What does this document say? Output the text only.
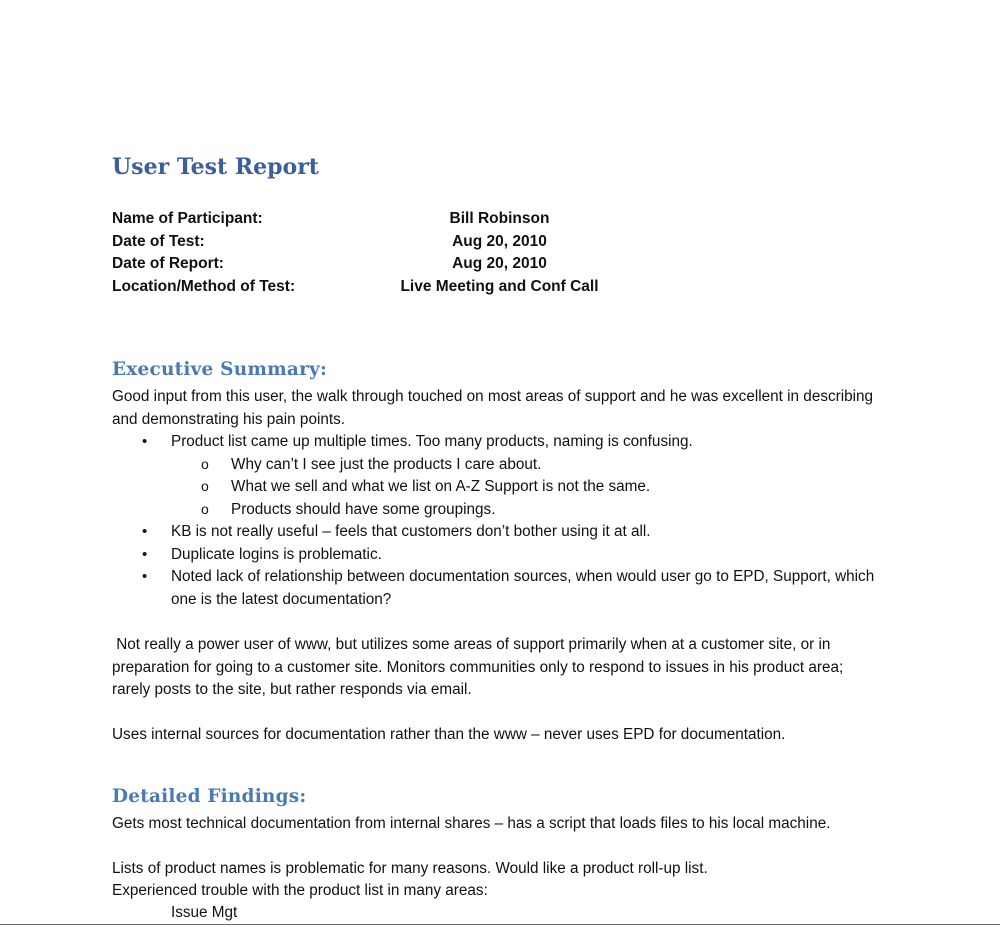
User Test Report
Name of Participant:	Bill Robinson
Date of Test:	Aug 20, 2010
Date of Report:	Aug 20, 2010
Location/Method of Test:	Live Meeting and Conf Call
Executive Summary:

Good input from this user, the walk through touched on most areas of support and he was excellent in describing and demonstrating his pain points.

• Product list came up multiple times. Too many products, naming is confusing.
o Why can’t I see just the products I care about.
o What we sell and what we list on A-Z Support is not the same.
o Products should have some groupings.
• KB is not really useful – feels that customers don’t bother using it at all.
• Duplicate logins is problematic.
• Noted lack of relationship between documentation sources, when would user go to EPD, Support, which one is the latest documentation?

Not really a power user of www, but utilizes some areas of support primarily when at a customer site, or in preparation for going to a customer site. Monitors communities only to respond to issues in his product area; rarely posts to the site, but rather responds via email.

Uses internal sources for documentation rather than the www – never uses EPD for documentation.

Detailed Findings:

Gets most technical documentation from internal shares – has a script that loads files to his local machine.

Lists of product names is problematic for many reasons. Would like a product roll-up list.

Experienced trouble with the product list in many areas:

Issue Mgt
